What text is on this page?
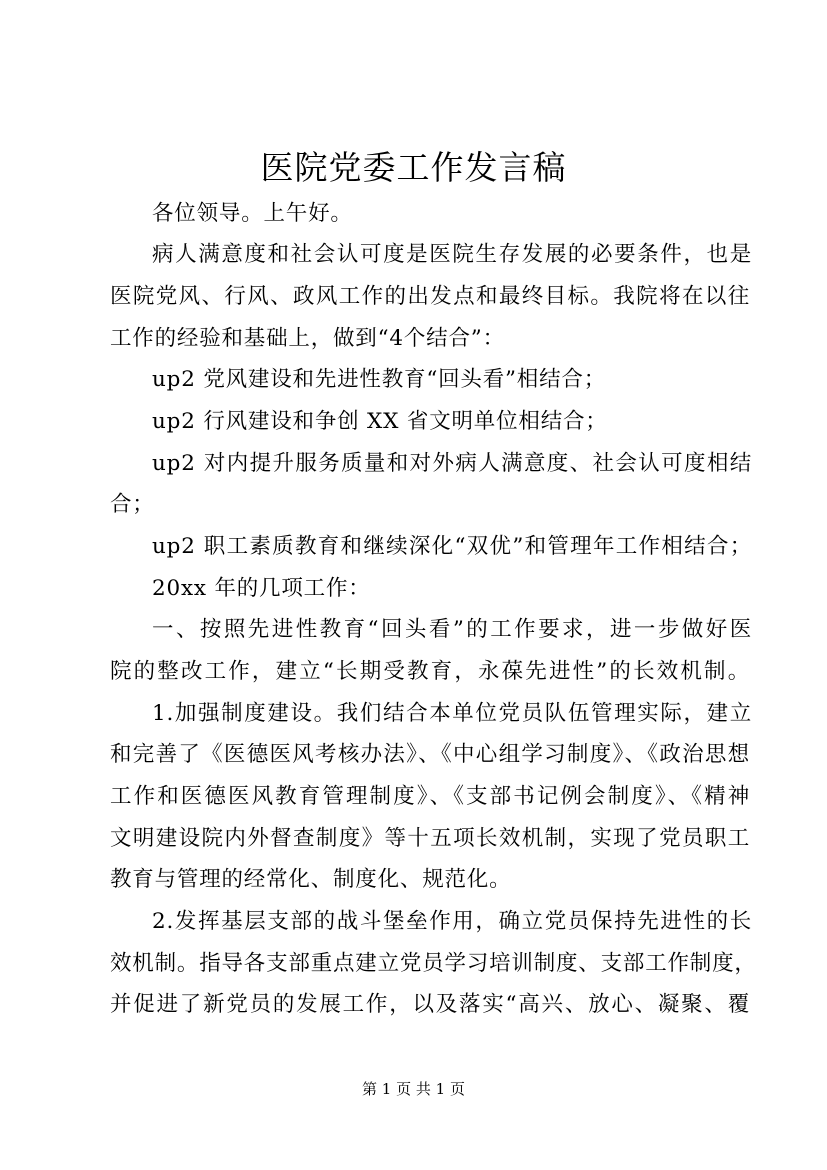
医院党委工作发言稿
各位领导。上午好。
病人满意度和社会认可度是医院生存发展的必要条件，也是
医院党风、行风、政风工作的出发点和最终目标。我院将在以往
工作的经验和基础上，做到“4个结合”：
up2 党风建设和先进性教育“回头看”相结合；
up2 行风建设和争创 XX 省文明单位相结合；
up2 对内提升服务质量和对外病人满意度、社会认可度相结
合；
up2 职工素质教育和继续深化“双优”和管理年工作相结合；
20xx 年的几项工作：
一、按照先进性教育“回头看”的工作要求，进一步做好医
院的整改工作，建立“长期受教育，永葆先进性”的长效机制。
1.加强制度建设。我们结合本单位党员队伍管理实际，建立
和完善了《医德医风考核办法》、《中心组学习制度》、《政治思想
工作和医德医风教育管理制度》、《支部书记例会制度》、《精神
文明建设院内外督查制度》等十五项长效机制，实现了党员职工
教育与管理的经常化、制度化、规范化。
2.发挥基层支部的战斗堡垒作用，确立党员保持先进性的长
效机制。指导各支部重点建立党员学习培训制度、支部工作制度，
并促进了新党员的发展工作，以及落实“高兴、放心、凝聚、覆
第 1 页 共 1 页
